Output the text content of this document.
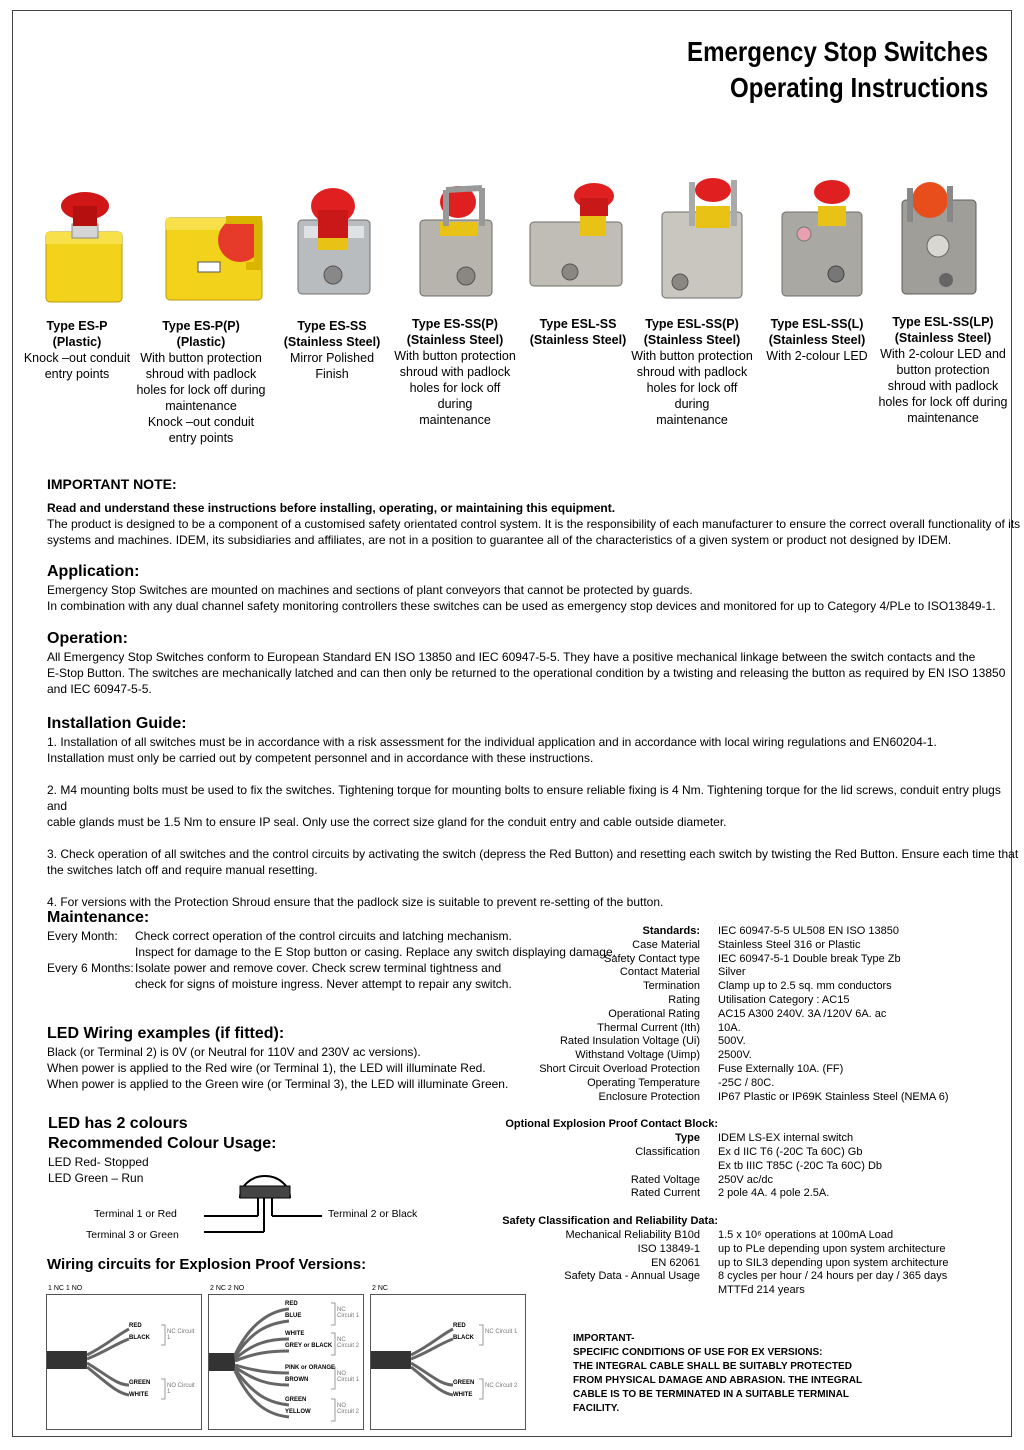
Emergency Stop Switches
Operating Instructions
Type ES-P
(Plastic)
Knock –out conduit
entry points
Type ES-P(P)
(Plastic)
With button protection
shroud with padlock
holes for lock off during
maintenance
Knock –out conduit
entry points
Type ES-SS
(Stainless Steel)
Mirror Polished Finish
Type ES-SS(P)
(Stainless Steel)
With button protection
shroud with padlock
holes for lock off during
maintenance
Type ESL-SS
(Stainless Steel)
Type ESL-SS(P)
(Stainless Steel)
With button protection
shroud with padlock
holes for lock off during
maintenance
Type ESL-SS(L)
(Stainless Steel)
With 2-colour LED
Type ESL-SS(LP)
(Stainless Steel)
With 2-colour LED and
button protection
shroud with padlock
holes for lock off during
maintenance
IMPORTANT NOTE:
Read and understand these instructions before installing, operating, or maintaining this equipment.
The product is designed to be a component of a customised safety orientated control system. It is the responsibility of each manufacturer to ensure the correct overall functionality of its
systems and machines. IDEM, its subsidiaries and affiliates, are not in a position to guarantee all of the characteristics of a given system or product not designed by IDEM.
Application:
Emergency Stop Switches are mounted on machines and sections of plant conveyors that cannot be protected by guards.
In combination with any dual channel safety monitoring controllers these switches can be used as emergency stop devices and monitored for up to Category 4/PLe to ISO13849-1.
Operation:
All Emergency Stop Switches conform to European Standard EN ISO 13850 and IEC 60947-5-5. They have a positive mechanical linkage between the switch contacts and the
E-Stop Button. The switches are mechanically latched and can then only be returned to the operational condition by a twisting and releasing the button as required by EN ISO 13850
and IEC 60947-5-5.
Installation Guide:
1. Installation of all switches must be in accordance with a risk assessment for the individual application and in accordance with local wiring regulations and EN60204-1.
Installation must only be carried out by competent personnel and in accordance with these instructions.
2. M4 mounting bolts must be used to fix the switches. Tightening torque for mounting bolts to ensure reliable fixing is 4 Nm. Tightening torque for the lid screws, conduit entry plugs and
cable glands must be 1.5 Nm to ensure IP seal. Only use the correct size gland for the conduit entry and cable outside diameter.
3. Check operation of all switches and the control circuits by activating the switch (depress the Red Button) and resetting each switch by twisting the Red Button. Ensure each time that
the switches latch off and require manual resetting.
4. For versions with the Protection Shroud ensure that the padlock size is suitable to prevent re-setting of the button.
Maintenance:
Every Month:	Check correct operation of the control circuits and latching mechanism.
Inspect for damage to the E Stop button or casing. Replace any switch displaying damage.
Every 6 Months: Isolate power and remove cover. Check screw terminal tightness and
check for signs of moisture ingress. Never attempt to repair any switch.
LED Wiring examples (if fitted):
Black (or Terminal 2) is 0V (or Neutral for 110V and 230V ac versions).
When power is applied to the Red wire (or Terminal 1), the LED will illuminate Red.
When power is applied to the Green wire (or Terminal 3), the LED will illuminate Green.
LED has 2 colours
Recommended Colour Usage:
LED Red- Stopped
LED Green – Run
Terminal 1 or Red	Terminal 2 or Black
Terminal 3 or Green
Wiring circuits for Explosion Proof Versions:
1 NC 1 NO	2 NC 2 NO	2 NC
RED
BLACK
GREEN
WHITE
NC Circuit 1
NO Circuit 1
RED
BLUE
WHITE
GREY or BLACK
PINK or ORANGE
BROWN
GREEN
YELLOW
NC Circuit 1
NC Circuit 2
NO Circuit 1
NO Circuit 2
RED
BLACK
GREEN
WHITE
NC Circuit 1
NC Circuit 2
Standards:	IEC 60947-5-5 UL508 EN ISO 13850
Case Material	Stainless Steel 316 or Plastic
Safety Contact type	IEC 60947-5-1 Double break Type Zb
Contact Material	Silver
Termination	Clamp up to 2.5 sq. mm conductors
Rating	Utilisation Category : AC15
Operational Rating	AC15 A300 240V. 3A /120V 6A. ac
Thermal Current (Ith)	10A.
Rated Insulation Voltage (Ui)	500V.
Withstand Voltage (Uimp)	2500V.
Short Circuit Overload Protection	Fuse Externally 10A. (FF)
Operating Temperature	-25C / 80C.
Enclosure Protection	IP67 Plastic or IP69K Stainless Steel (NEMA 6)
Optional Explosion Proof Contact Block:
Type	IDEM LS-EX internal switch
Classification	Ex d IIC T6 (-20C Ta 60C) Gb
Ex tb IIIC T85C (-20C Ta 60C) Db
Rated Voltage	250V ac/dc
Rated Current	2 pole 4A. 4 pole 2.5A.
Safety Classification and Reliability Data:
Mechanical Reliability B10d	1.5 x 10⁶ operations at 100mA Load
ISO 13849-1	up to PLe depending upon system architecture
EN 62061	up to SIL3 depending upon system architecture
Safety Data - Annual Usage	8 cycles per hour / 24 hours per day / 365 days
MTTFd 214 years
IMPORTANT-
SPECIFIC CONDITIONS OF USE FOR EX VERSIONS:
THE INTEGRAL CABLE SHALL BE SUITABLY PROTECTED
FROM PHYSICAL DAMAGE AND ABRASION. THE INTEGRAL
CABLE IS TO BE TERMINATED IN A SUITABLE TERMINAL
FACILITY.
